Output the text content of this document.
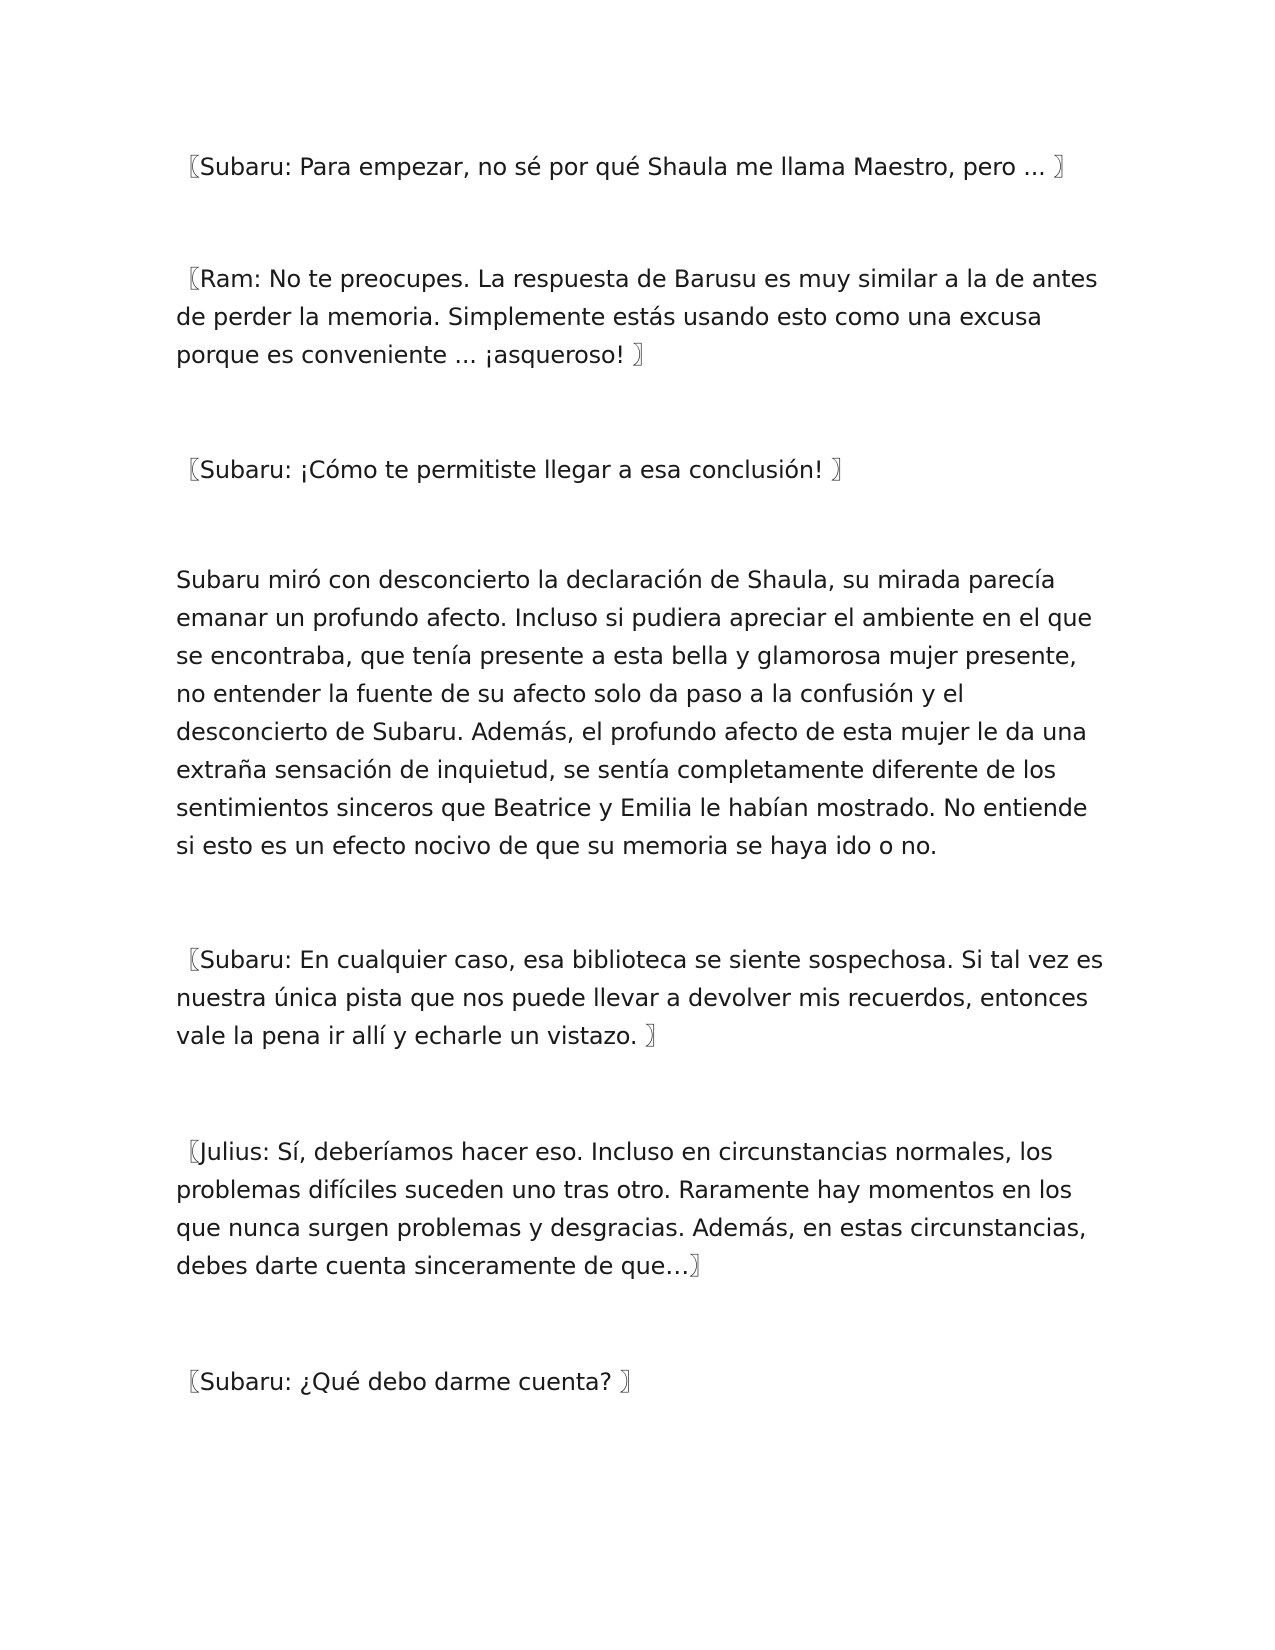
〖Subaru: Para empezar, no sé por qué Shaula me llama Maestro, pero ... 〗

〖Ram: No te preocupes. La respuesta de Barusu es muy similar a la de antes de perder la memoria. Simplemente estás usando esto como una excusa porque es conveniente ... ¡asqueroso! 〗

〖Subaru: ¡Cómo te permitiste llegar a esa conclusión! 〗

Subaru miró con desconcierto la declaración de Shaula, su mirada parecía emanar un profundo afecto. Incluso si pudiera apreciar el ambiente en el que se encontraba, que tenía presente a esta bella y glamorosa mujer presente, no entender la fuente de su afecto solo da paso a la confusión y el desconcierto de Subaru. Además, el profundo afecto de esta mujer le da una extraña sensación de inquietud, se sentía completamente diferente de los sentimientos sinceros que Beatrice y Emilia le habían mostrado. No entiende si esto es un efecto nocivo de que su memoria se haya ido o no.

〖Subaru: En cualquier caso, esa biblioteca se siente sospechosa. Si tal vez es nuestra única pista que nos puede llevar a devolver mis recuerdos, entonces vale la pena ir allí y echarle un vistazo. 〗

〖Julius: Sí, deberíamos hacer eso. Incluso en circunstancias normales, los problemas difíciles suceden uno tras otro. Raramente hay momentos en los que nunca surgen problemas y desgracias. Además, en estas circunstancias, debes darte cuenta sinceramente de que…〗

〖Subaru: ¿Qué debo darme cuenta? 〗
